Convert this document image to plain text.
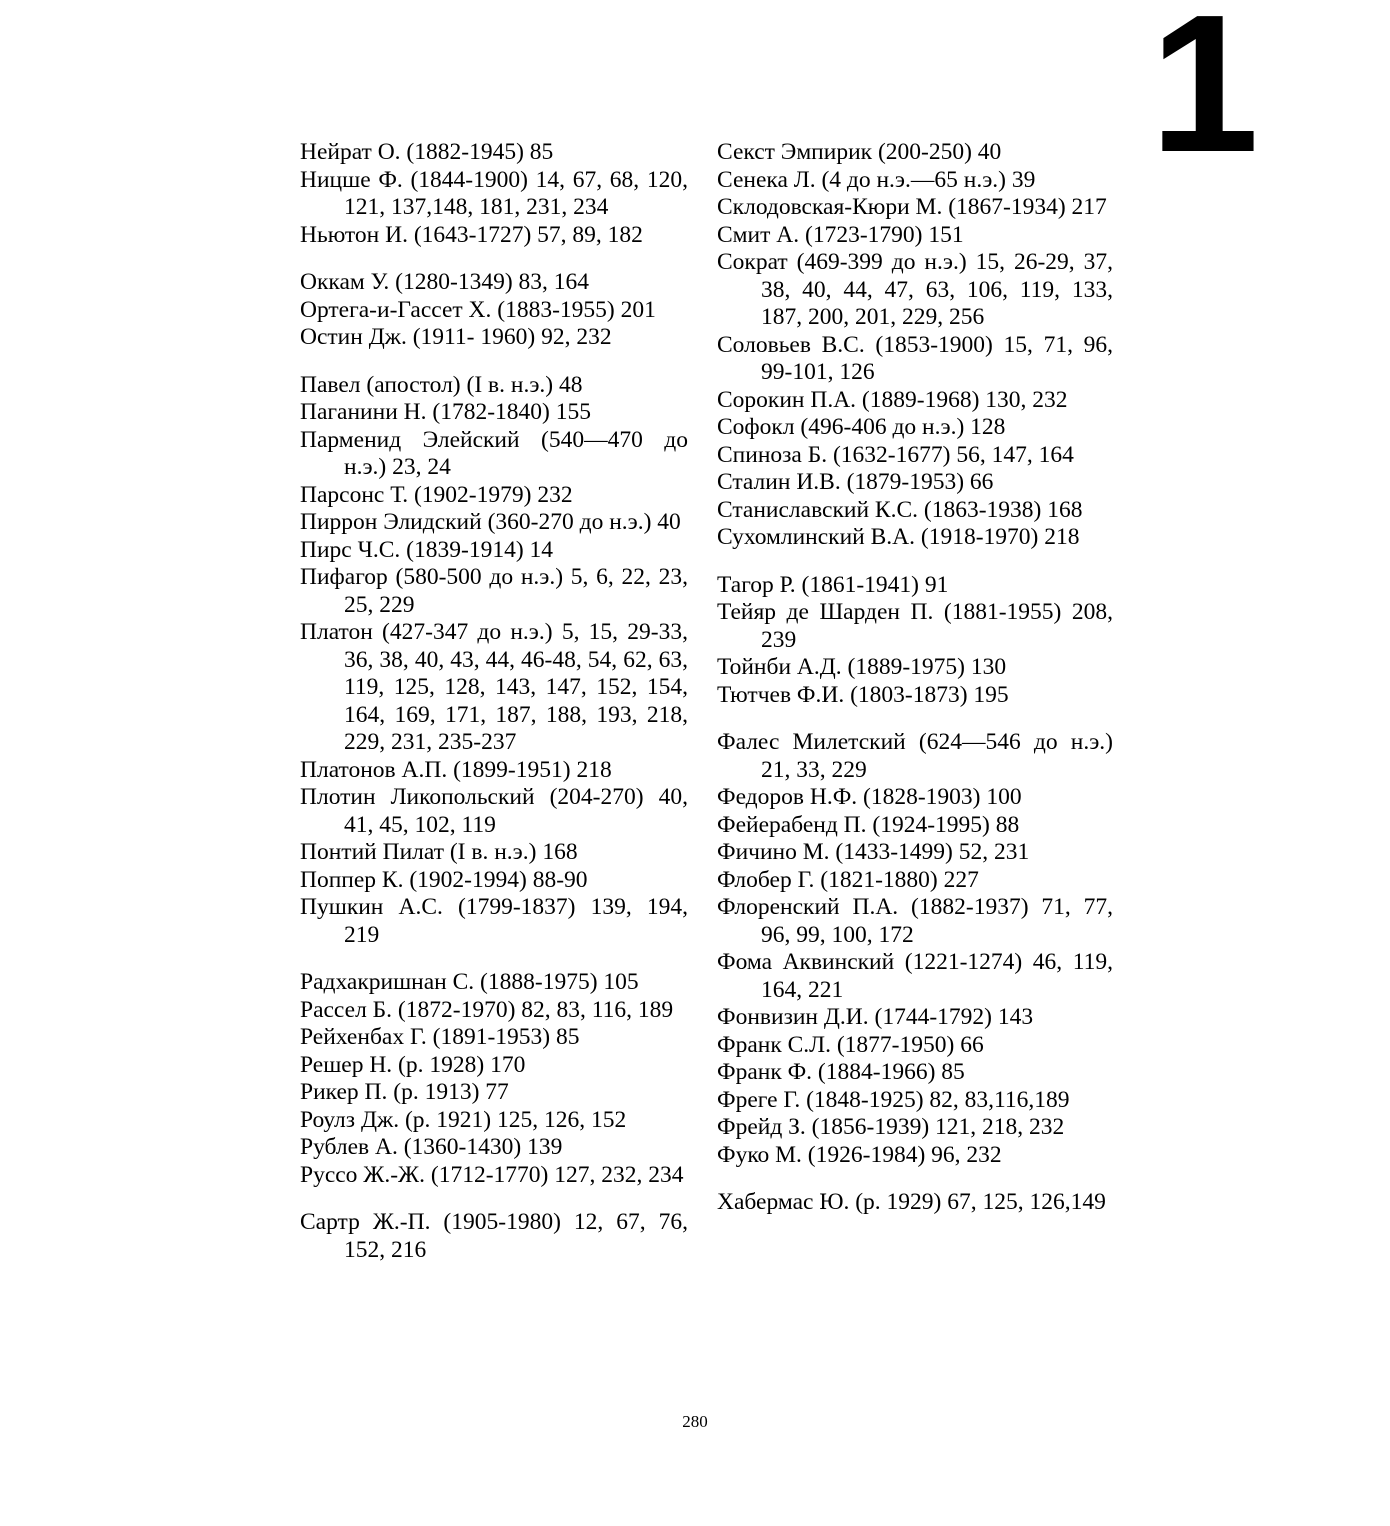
1
Нейрат О. (1882-1945) 85
Ницше Ф. (1844-1900) 14, 67, 68, 120, 121, 137,148, 181, 231, 234
Ньютон И. (1643-1727) 57, 89, 182
Оккам У. (1280-1349) 83, 164
Ортега-и-Гассет Х. (1883-1955) 201
Остин Дж. (1911- 1960) 92, 232
Павел (апостол) (I в. н.э.) 48
Паганини Н. (1782-1840) 155
Парменид Элейский (540—470 до н.э.) 23, 24
Парсонс Т. (1902-1979) 232
Пиррон Элидский (360-270 до н.э.) 40
Пирс Ч.С. (1839-1914) 14
Пифагор (580-500 до н.э.) 5, 6, 22, 23, 25, 229
Платон (427-347 до н.э.) 5, 15, 29-33, 36, 38, 40, 43, 44, 46-48, 54, 62, 63, 119, 125, 128, 143, 147, 152, 154, 164, 169, 171, 187, 188, 193, 218, 229, 231, 235-237
Платонов А.П. (1899-1951) 218
Плотин Ликопольский (204-270) 40, 41, 45, 102, 119
Понтий Пилат (I в. н.э.) 168
Поппер К. (1902-1994) 88-90
Пушкин А.С. (1799-1837) 139, 194, 219
Радхакришнан С. (1888-1975) 105
Рассел Б. (1872-1970) 82, 83, 116, 189
Рейхенбах Г. (1891-1953) 85
Решер Н. (р. 1928) 170
Рикер П. (р. 1913) 77
Роулз Дж. (р. 1921) 125, 126, 152
Рублев А. (1360-1430) 139
Руссо Ж.-Ж. (1712-1770) 127, 232, 234
Сартр Ж.-П. (1905-1980) 12, 67, 76, 152, 216
Секст Эмпирик (200-250) 40
Сенека Л. (4 до н.э.—65 н.э.) 39
Склодовская-Кюри М. (1867-1934) 217
Смит А. (1723-1790) 151
Сократ (469-399 до н.э.) 15, 26-29, 37, 38, 40, 44, 47, 63, 106, 119, 133, 187, 200, 201, 229, 256
Соловьев В.С. (1853-1900) 15, 71, 96, 99-101, 126
Сорокин П.А. (1889-1968) 130, 232
Софокл (496-406 до н.э.) 128
Спиноза Б. (1632-1677) 56, 147, 164
Сталин И.В. (1879-1953) 66
Станиславский К.С. (1863-1938) 168
Сухомлинский В.А. (1918-1970) 218
Тагор Р. (1861-1941) 91
Тейяр де Шарден П. (1881-1955) 208, 239
Тойнби А.Д. (1889-1975) 130
Тютчев Ф.И. (1803-1873) 195
Фалес Милетский (624—546 до н.э.) 21, 33, 229
Федоров Н.Ф. (1828-1903) 100
Фейерабенд П. (1924-1995) 88
Фичино М. (1433-1499) 52, 231
Флобер Г. (1821-1880) 227
Флоренский П.А. (1882-1937) 71, 77, 96, 99, 100, 172
Фома Аквинский (1221-1274) 46, 119, 164, 221
Фонвизин Д.И. (1744-1792) 143
Франк С.Л. (1877-1950) 66
Франк Ф. (1884-1966) 85
Фреге Г. (1848-1925) 82, 83,116,189
Фрейд З. (1856-1939) 121, 218, 232
Фуко М. (1926-1984) 96, 232
Хабермас Ю. (р. 1929) 67, 125, 126,149
280
